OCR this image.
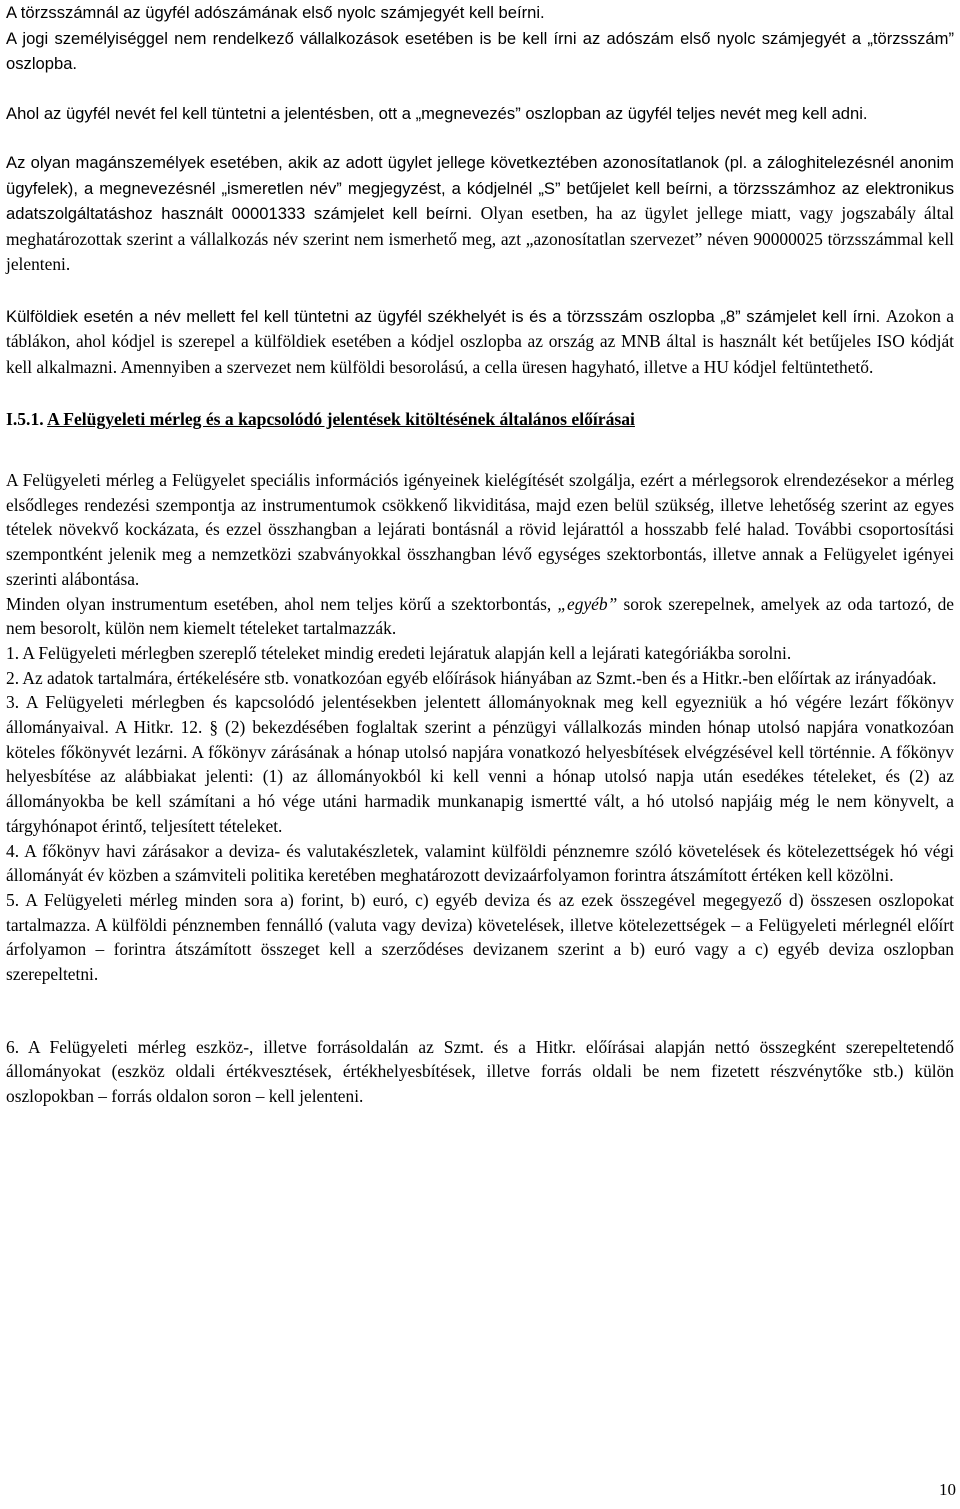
A törzsszámnál az ügyfél adószámának első nyolc számjegyét kell beírni.
A jogi személyiséggel nem rendelkező vállalkozások esetében is be kell írni az adószám első nyolc számjegyét a „törzsszám” oszlopba.

Ahol az ügyfél nevét fel kell tüntetni a jelentésben, ott a „megnevezés” oszlopban az ügyfél teljes nevét meg kell adni.

Az olyan magánszemélyek esetében, akik az adott ügylet jellege következtében azonosítatlanok (pl. a záloghitelezésnél anonim ügyfelek), a megnevezésnél „ismeretlen név” megjegyzést, a kódjelnél „S” betűjelet kell beírni, a törzsszámhoz az elektronikus adatszolgáltatáshoz használt 00001333 számjelet kell beírni. Olyan esetben, ha az ügylet jellege miatt, vagy jogszabály által meghatározottak szerint a vállalkozás név szerint nem ismerhető meg, azt „azonosítatlan szervezet” néven 90000025 törzsszámmal kell jelenteni.

Külföldiek esetén a név mellett fel kell tüntetni az ügyfél székhelyét is és a törzsszám oszlopba „8” számjelet kell írni. Azokon a táblákon, ahol kódjel is szerepel a külföldiek esetében a kódjel oszlopba az ország az MNB által is használt két betűjeles ISO kódját kell alkalmazni. Amennyiben a szervezet nem külföldi besorolású, a cella üresen hagyható, illetve a HU kódjel feltüntethető.

I.5.1. A Felügyeleti mérleg és a kapcsolódó jelentések kitöltésének általános előírásai

A Felügyeleti mérleg a Felügyelet speciális információs igényeinek kielégítését szolgálja, ezért a mérlegsorok elrendezésekor a mérleg elsődleges rendezési szempontja az instrumentumok csökkenő likviditása, majd ezen belül szükség, illetve lehetőség szerint az egyes tételek növekvő kockázata, és ezzel összhangban a lejárati bontásnál a rövid lejárattól a hosszabb felé halad. További csoportosítási szempontként jelenik meg a nemzetközi szabványokkal összhangban lévő egységes szektorbontás, illetve annak a Felügyelet igényei szerinti alábontása.

Minden olyan instrumentum esetében, ahol nem teljes körű a szektorbontás, „egyéb” sorok szerepelnek, amelyek az oda tartozó, de nem besorolt, külön nem kiemelt tételeket tartalmazzák.

1. A Felügyeleti mérlegben szereplő tételeket mindig eredeti lejáratuk alapján kell a lejárati kategóriákba sorolni.

2. Az adatok tartalmára, értékelésére stb. vonatkozóan egyéb előírások hiányában az Szmt.-ben és a Hitkr.-ben előírtak az irányadóak.

3. A Felügyeleti mérlegben és kapcsolódó jelentésekben jelentett állományoknak meg kell egyezniük a hó végére lezárt főkönyv állományaival. A Hitkr. 12. § (2) bekezdésében foglaltak szerint a pénzügyi vállalkozás minden hónap utolsó napjára vonatkozóan köteles főkönyvét lezárni. A főkönyv zárásának a hónap utolsó napjára vonatkozó helyesbítések elvégzésével kell történnie. A főkönyv helyesbítése az alábbiakat jelenti: (1) az állományokból ki kell venni a hónap utolsó napja után esedékes tételeket, és (2) az állományokba be kell számítani a hó vége utáni harmadik munkanapig ismertté vált, a hó utolsó napjáig még le nem könyvelt, a tárgyhónapot érintő, teljesített tételeket.

4. A főkönyv havi zárásakor a deviza- és valutakészletek, valamint külföldi pénznemre szóló követelések és kötelezettségek hó végi állományát év közben a számviteli politika keretében meghatározott devizaárfolyamon forintra átszámított értéken kell közölni.

5. A Felügyeleti mérleg minden sora a) forint, b) euró, c) egyéb deviza és az ezek összegével megegyező d) összesen oszlopokat tartalmazza. A külföldi pénznemben fennálló (valuta vagy deviza) követelések, illetve kötelezettségek – a Felügyeleti mérlegnél előírt árfolyamon – forintra átszámított összeget kell a szerződéses devizanem szerint a b) euró vagy a c) egyéb deviza oszlopban szerepeltetni.

6. A Felügyeleti mérleg eszköz-, illetve forrásoldalán az Szmt. és a Hitkr. előírásai alapján nettó összegként szerepeltetendő állományokat (eszköz oldali értékvesztések, értékhelyesbítések, illetve forrás oldali be nem fizetett részvénytőke stb.) külön oszlopokban – forrás oldalon soron – kell jelenteni.

10
